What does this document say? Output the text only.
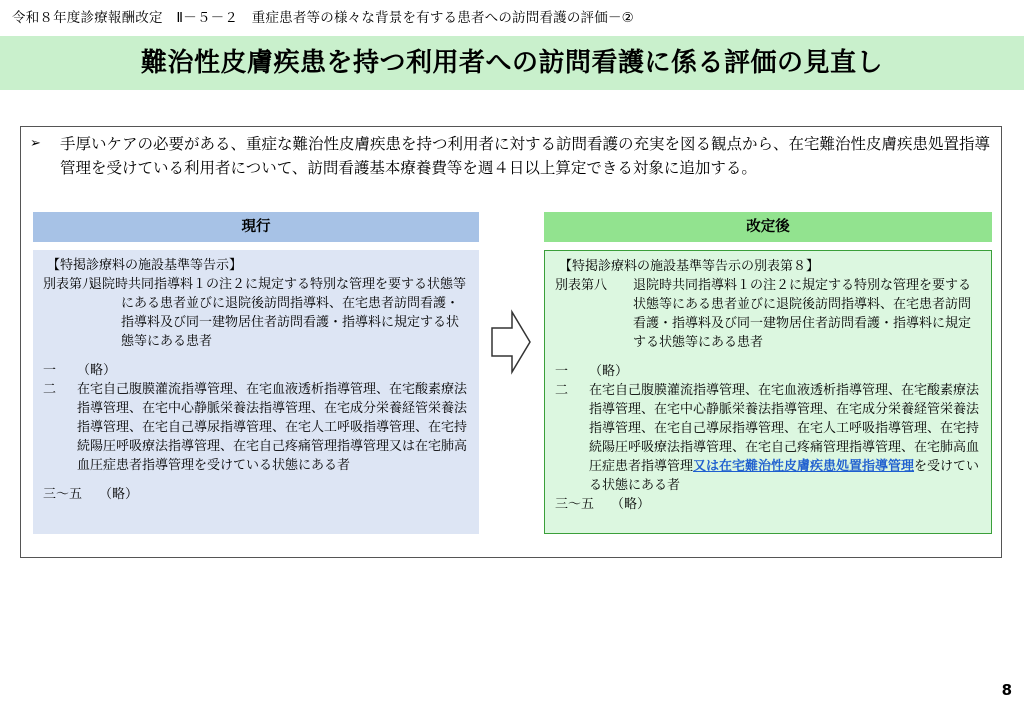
令和８年度診療報酬改定　Ⅱ－５－２　重症患者等の様々な背景を有する患者への訪問看護の評価－②
難治性皮膚疾患を持つ利用者への訪問看護に係る評価の見直し
➢ 手厚いケアの必要がある、重症な難治性皮膚疾患を持つ利用者に対する訪問看護の充実を図る観点から、在宅難治性皮膚疾患処置指導管理を受けている利用者について、訪問看護基本療養費等を週４日以上算定できる対象に追加する。
現行	改定後
【特掲診療料の施設基準等告示】
別表第八
退院時共同指導料１の注２に規定する特別な管理を要する状態等にある患者並びに退院後訪問指導料、在宅患者訪問看護・指導料及び同一建物居住者訪問看護・指導料に規定する状態等にある患者
一 （略）
二 在宅自己腹膜灌流指導管理、在宅血液透析指導管理、在宅酸素療法指導管理、在宅中心静脈栄養法指導管理、在宅成分栄養経管栄養法指導管理、在宅自己導尿指導管理、在宅人工呼吸指導管理、在宅持続陽圧呼吸療法指導管理、在宅自己疼痛管理指導管理又は在宅肺高血圧症患者指導管理を受けている状態にある者
三～五 （略）
【特掲診療料の施設基準等告示の別表第８】
別表第八 退院時共同指導料１の注２に規定する特別な管理を要する状態等にある患者並びに退院後訪問指導料、在宅患者訪問看護・指導料及び同一建物居住者訪問看護・指導料に規定する状態等にある患者
一 （略）
二 在宅自己腹膜灌流指導管理、在宅血液透析指導管理、在宅酸素療法指導管理、在宅中心静脈栄養法指導管理、在宅成分栄養経管栄養法指導管理、在宅自己導尿指導管理、在宅人工呼吸指導管理、在宅持続陽圧呼吸療法指導管理、在宅自己疼痛管理指導管理、在宅肺高血圧症患者指導管理又は在宅難治性皮膚疾患処置指導管理を受けている状態にある者
三～五 （略）
8
